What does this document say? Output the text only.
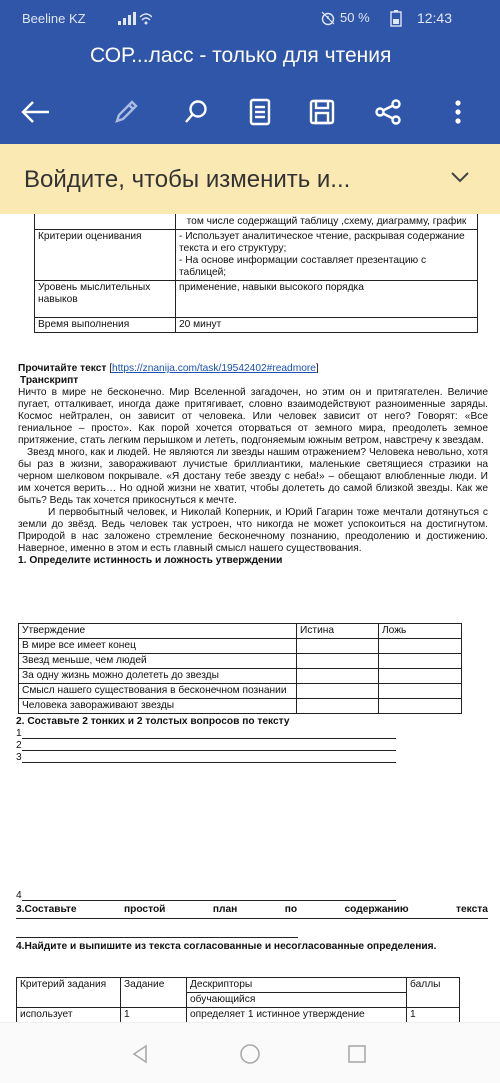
Beeline KZ	50 %	12:43
СОР...ласс - только для чтения
Войдите, чтобы изменить и...

	том числе содержащий таблицу ,схему, диаграмму, график

Критерии оценивания	- Использует аналитическое чтение, раскрывая содержание текста и его структуру;
- На основе информации составляет презентацию с таблицей;
Уровень мыслительных навыков	применение, навыки высокого порядка
Время выполнения	20 минут
Прочитайте текст [https://znanija.com/task/19542402#readmore]
Транскрипт
Ничто в мире не бесконечно. Мир Вселенной загадочен, но этим он и притягателен. Величие пугает, отталкивает, иногда даже притягивает, словно взаимодействуют разноименные заряды. Космос нейтрален, он зависит от человека. Или человек зависит от него? Говорят: «Все гениальное – просто». Как порой хочется оторваться от земного мира, преодолеть земное притяжение, стать легким перышком и лететь, подгоняемым южным ветром, навстречу к звездам.
Звезд много, как и людей. Не являются ли звезды нашим отражением? Человека невольно, хотя бы раз в жизни, завораживают лучистые бриллиантики, маленькие светящиеся стразики на черном шелковом покрывале. «Я достану тебе звезду с неба!» – обещают влюбленные люди. И им хочется верить… Но одной жизни не хватит, чтобы долететь до самой близкой звезды. Как же быть? Ведь так хочется прикоснуться к мечте.
И первобытный человек, и Николай Коперник, и Юрий Гагарин тоже мечтали дотянуться с земли до звёзд. Ведь человек так устроен, что никогда не может успокоиться на достигнутом. Природой в нас заложено стремление бесконечному познанию, преодолению и достижению. Наверное, именно в этом и есть главный смысл нашего существования.
1. Определите истинность и ложность утверждении
Утверждение	Истина	Ложь
В мире все имеет конец		
Звезд меньше, чем людей		
За одну жизнь можно долететь до звезды		
Смысл нашего существования в бесконечном познании		
Человека завораживают звезды		
2. Составьте 2 тонких и 2 толстых вопросов по тексту
1
2
3
4
3.Составьте	простой	план	по	содержанию	текста
4.Найдите и выпишите из текста согласованные и несогласованные определения.
Критерий задания	Задание	Дескрипторы	баллы
		обучающийся	
использует	1	определяет 1 истинное утверждение	1
